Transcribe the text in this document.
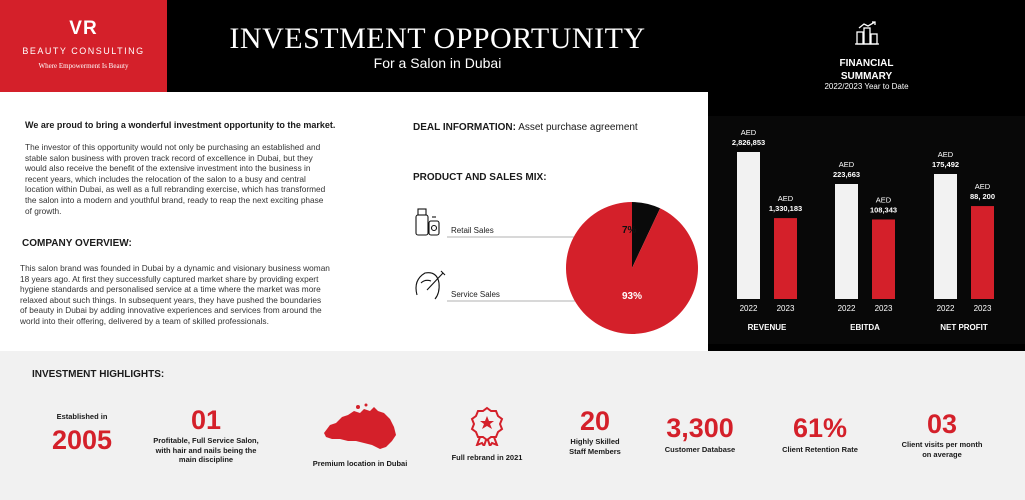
VR
BEAUTY CONSULTING
Where Empowerment Is Beauty
INVESTMENT OPPORTUNITY
For a Salon in Dubai	FINANCIAL
SUMMARY
2022/2023 Year to Date
AED
2,826,853
2022
AED
1,330,183
2023
REVENUE
AED
223,663
2022
AED
108,343
2023
EBITDA
AED
175,492
2022
AED
88, 200
2023
NET PROFIT
We are proud to bring a wonderful investment opportunity to the market.
The investor of this opportunity would not only be purchasing an established and
stable salon business with proven track record of excellence in Dubai, but they
would also receive the benefit of the extensive investment into the business in
recent years, which includes the relocation of the salon to a busy and central
location within Dubai, as well as a full rebranding exercise, which has transformed
the salon into a modern and youthful brand, ready to reap the next exciting phase
of growth.
COMPANY OVERVIEW:
This salon brand was founded in Dubai by a dynamic and visionary business woman
18 years ago. At first they successfully captured market share by providing expert
hygiene standards and personalised service at a time where the market was more
relaxed about such things. In subsequent years, they have pushed the boundaries
of beauty in Dubai by adding innovative experiences and services from around the
world into their offering, delivered by a team of skilled professionals.
DEAL INFORMATION: Asset purchase agreement
PRODUCT AND SALES MIX:
Retail Sales
Service Sales
7%
93%
INVESTMENT HIGHLIGHTS:
Established in
2005
01
Profitable, Full Service Salon,
with hair and nails being the
main discipline	Premium location in Dubai
Full rebrand in 2021
20
Highly Skilled
Staff Members
3,300
Customer Database
61%
Client Retention Rate
03
Client visits per month
on average
